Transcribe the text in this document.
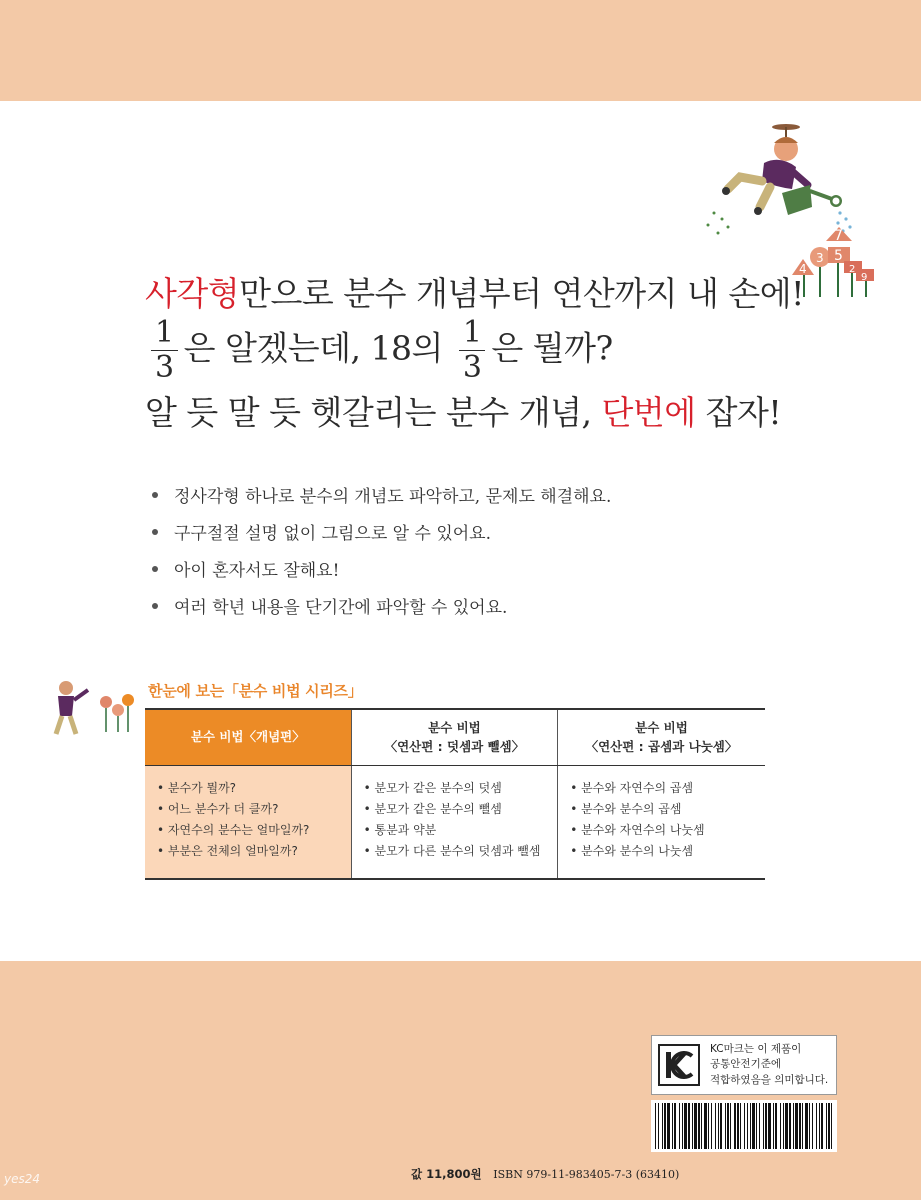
4
3
7
5
2
9
사각형만으로 분수 개념부터 연산까지 내 손에!
$\frac{1}{3}$ 은 알겠는데, 18의 $\frac{1}{3}$ 은 뭘까?
알 듯 말 듯 헷갈리는 분수 개념, 단번에 잡자!
정사각형 하나로 분수의 개념도 파악하고, 문제도 해결해요.
구구절절 설명 없이 그림으로 알 수 있어요.
아이 혼자서도 잘해요!
여러 학년 내용을 단기간에 파악할 수 있어요.
한눈에 보는「분수 비법 시리즈」
분수 비법〈개념편〉
분수 비법
〈연산편 : 덧셈과 뺄셈〉
분수 비법
〈연산편 : 곱셈과 나눗셈〉
• 분수가 뭘까?
• 어느 분수가 더 클까?
• 자연수의 분수는 얼마일까?
• 부분은 전체의 얼마일까?
• 분모가 같은 분수의 덧셈
• 분모가 같은 분수의 뺄셈
• 통분과 약분
• 분모가 다른 분수의 덧셈과 뺄셈
• 분수와 자연수의 곱셈
• 분수와 분수의 곱셈
• 분수와 자연수의 나눗셈
• 분수와 분수의 나눗셈
KC마크는 이 제품이
공통안전기준에
적합하였음을 의미합니다.
값 11,800원 ISBN 979-11-983405-7-3 (63410)
yes24
